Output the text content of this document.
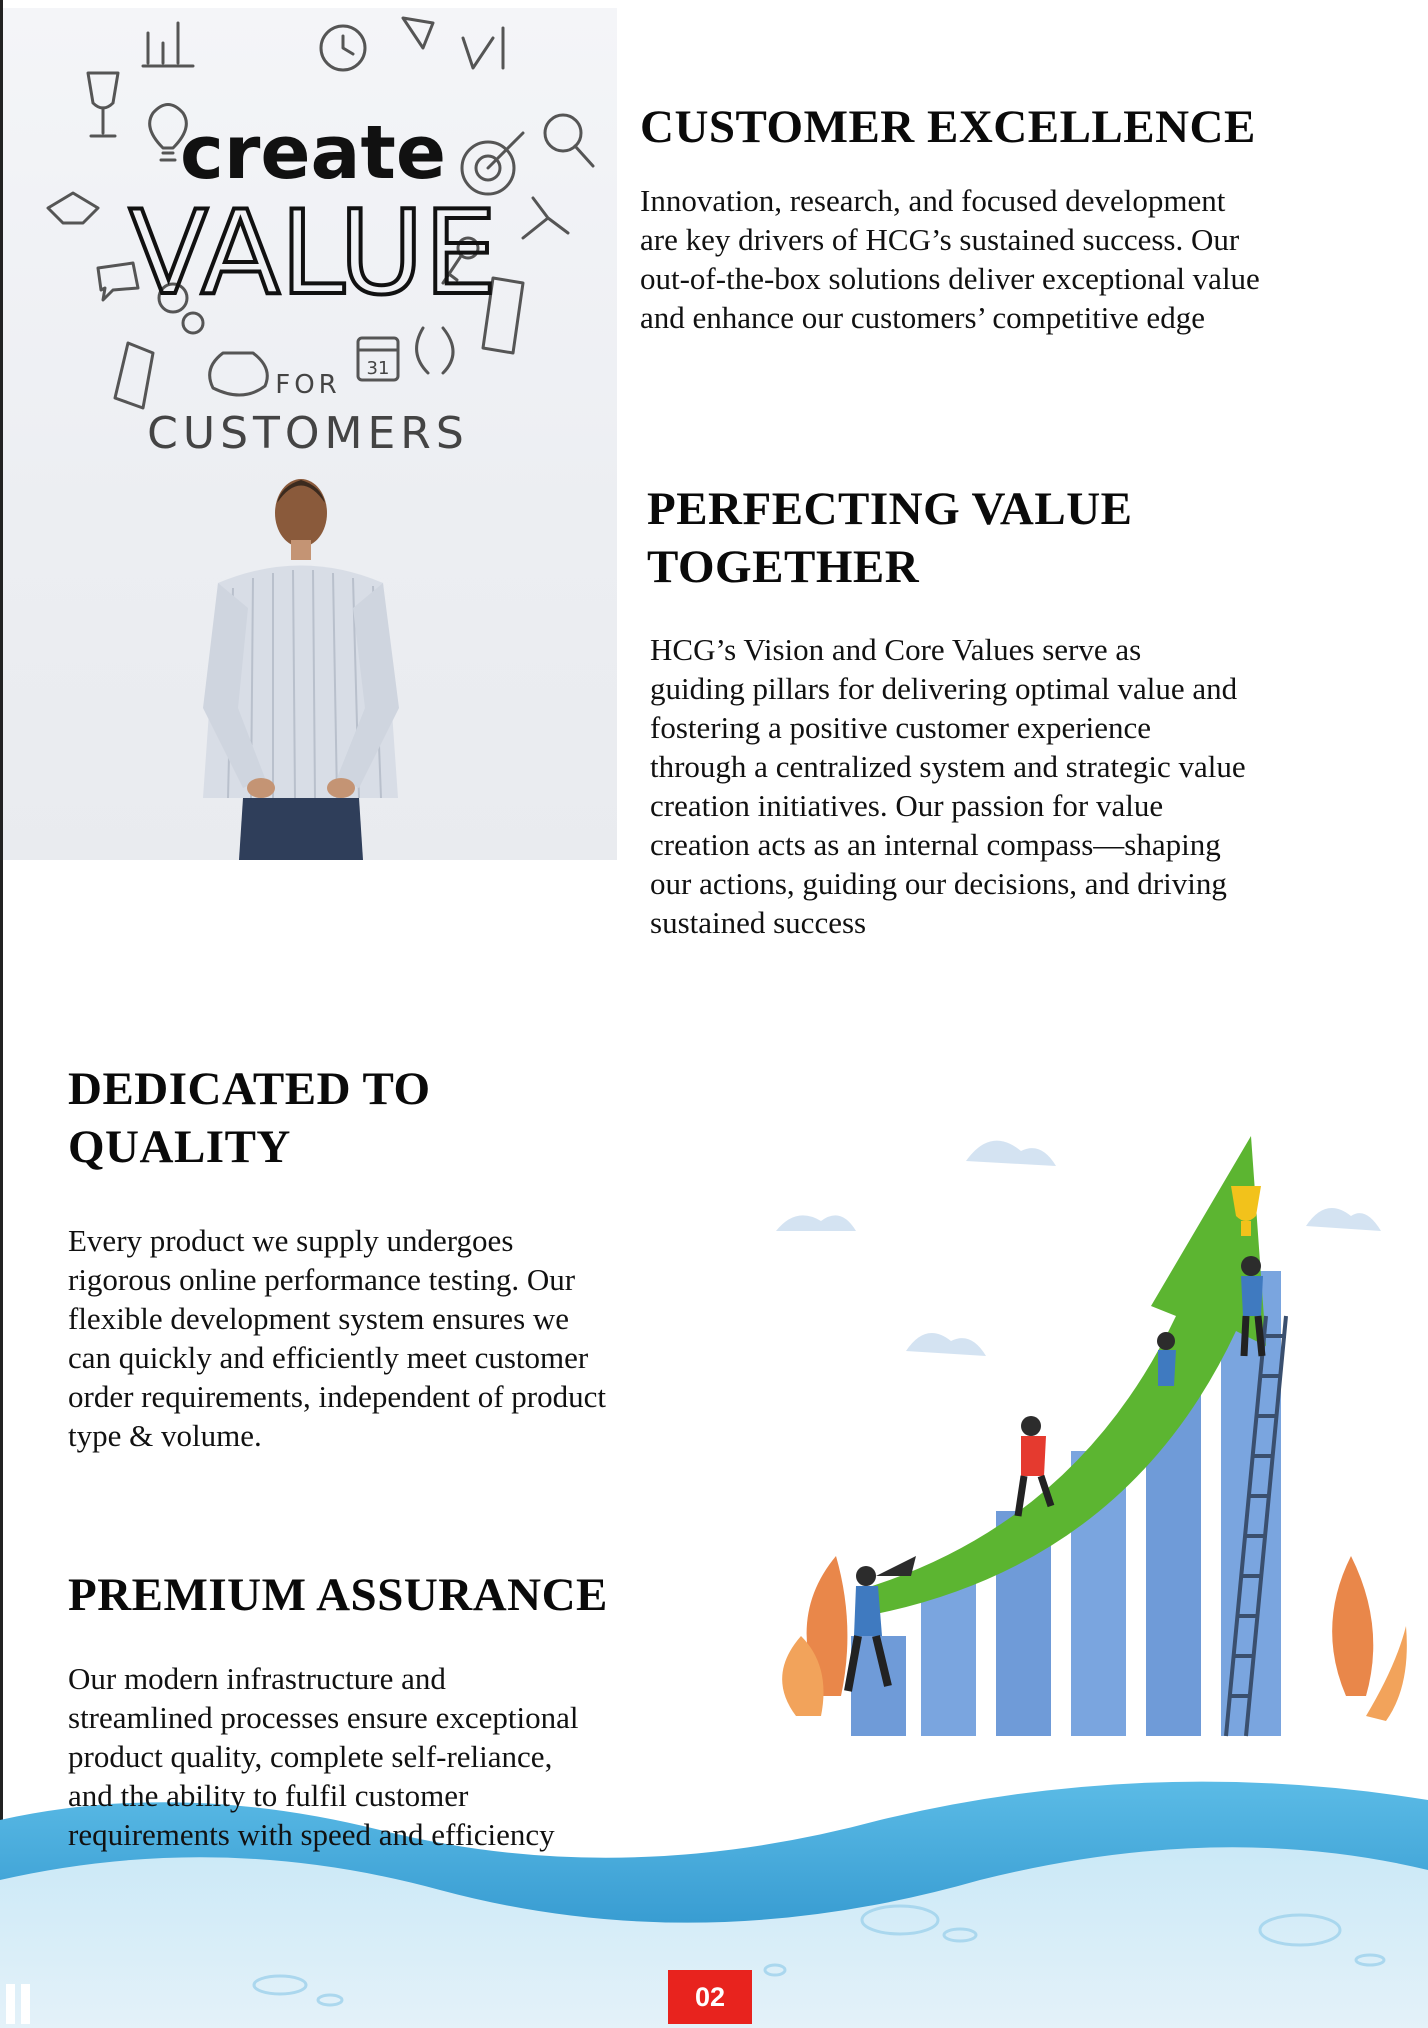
create
VALUE
FOR
CUSTOMERS
31
CUSTOMER EXCELLENCE

Innovation, research, and focused development
are key drivers of HCG’s sustained success. Our
out-of-the-box solutions deliver exceptional value
and enhance our customers’ competitive edge

PERFECTING VALUE
TOGETHER

HCG’s Vision and Core Values serve as
guiding pillars for delivering optimal value and
fostering a positive customer experience
through a centralized system and strategic value
creation initiatives. Our passion for value
creation acts as an internal compass—shaping
our actions, guiding our decisions, and driving
sustained success

DEDICATED TO
QUALITY

Every product we supply undergoes
rigorous online performance testing. Our
flexible development system ensures we
can quickly and efficiently meet customer
order requirements, independent of product
type & volume.

PREMIUM ASSURANCE

Our modern infrastructure and
streamlined processes ensure exceptional
product quality, complete self-reliance,
and the ability to fulfil customer
requirements with speed and efficiency

02
